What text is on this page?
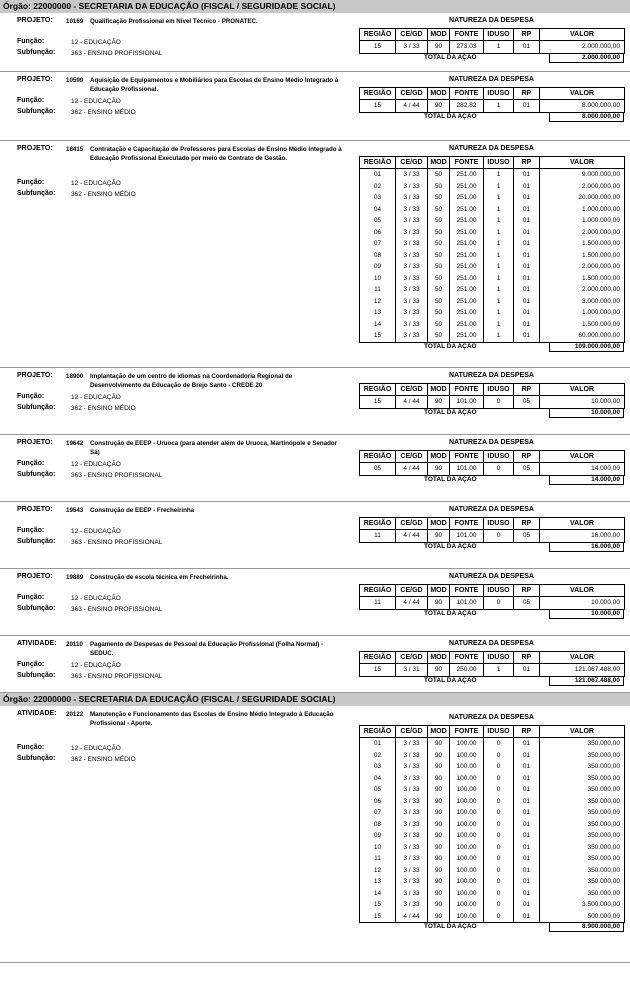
Órgão: 22000000 - SECRETARIA DA EDUCAÇÃO (FISCAL / SEGURIDADE SOCIAL)
PROJETO: 10169 Qualificação Profissional em Nível Técnico - PRONATEC.	NATUREZA DA DESPESA
REGIÃO	CE/GD	MOD	FONTE	IDUSO	RP	VALOR
15	3 / 33	90	273.03	1	01	2.000.000,00
TOTAL DA AÇÃO	2.000.000,00
Função:	12 - EDUCAÇÃO
Subfunção: 363 - ENSINO PROFISSIONAL
PROJETO: 10599 Aquisição de Equipamentos e Mobiliários para Escolas de Ensino Médio Integrado à Educação Profissional.
NATUREZA DA DESPESA
REGIÃO	CE/GD	MOD	FONTE	IDUSO	RP	VALOR
15	4 / 44	90	282.82	1	01	8.000.000,00
TOTAL DA AÇÃO	8.000.000,00
Função:	12 - EDUCAÇÃO
Subfunção: 362 - ENSINO MÉDIO
PROJETO: 18415 Contratação e Capacitação de Professores para Escolas de Ensino Médio Integrado à Educação Profissional Executado por meio de Contrato de Gestão.
NATUREZA DA DESPESA
REGIÃO	CE/GD	MOD	FONTE	IDUSO	RP	VALOR
01	3 / 33	50	251.00	1	01	9.000.000,00
02	3 / 33	50	251.00	1	01	2.000.000,00
03	3 / 33	50	251.00	1	01	20.000.000,00
04	3 / 33	50	251.00	1	01	1.000.000,00
05	3 / 33	50	251.00	1	01	1.000.000,00
06	3 / 33	50	251.00	1	01	2.000.000,00
07	3 / 33	50	251.00	1	01	1.500.000,00
08	3 / 33	50	251.00	1	01	1.500.000,00
09	3 / 33	50	251.00	1	01	2.000.000,00
10	3 / 33	50	251.00	1	01	1.500.000,00
11	3 / 33	50	251.00	1	01	2.000.000,00
12	3 / 33	50	251.00	1	01	3.000.000,00
13	3 / 33	50	251.00	1	01	1.000.000,00
14	3 / 33	50	251.00	1	01	1.500.000,00
15	3 / 33	50	251.00	1	01	60.000.000,00
TOTAL DA AÇÃO	109.000.000,00
Função:	12 - EDUCAÇÃO
Subfunção: 362 - ENSINO MÉDIO
PROJETO: 18900 Implantação de um centro de idiomas na Coordenadoria Regional de Desenvolvimento da Educação de Brejo Santo - CREDE 20
NATUREZA DA DESPESA
REGIÃO	CE/GD	MOD	FONTE	IDUSO	RP	VALOR
15	4 / 44	90	101.00	0	05	10.000,00
TOTAL DA AÇÃO	10.000,00
Função:	12 - EDUCAÇÃO
Subfunção: 362 - ENSINO MÉDIO
PROJETO: 19642 Construção de EEEP - Uruoca (para atender além de Uruoca, Martinópole e Senador Sá)
NATUREZA DA DESPESA
REGIÃO	CE/GD	MOD	FONTE	IDUSO	RP	VALOR
05	4 / 44	90	101.00	0	05	14.000,00
TOTAL DA AÇÃO	14.000,00
Função:	12 - EDUCAÇÃO
Subfunção: 363 - ENSINO PROFISSIONAL
PROJETO: 19543 Construção de EEEP - Frecheirinha	NATUREZA DA DESPESA
REGIÃO	CE/GD	MOD	FONTE	IDUSO	RP	VALOR
11	4 / 44	90	101.00	0	05	16.000,00
TOTAL DA AÇÃO	16.000,00
Função:	12 - EDUCAÇÃO
Subfunção: 363 - ENSINO PROFISSIONAL
PROJETO: 19889 Construção de escola técnica em Frecheirinha.	NATUREZA DA DESPESA
REGIÃO	CE/GD	MOD	FONTE	IDUSO	RP	VALOR
11	4 / 44	90	101.00	0	05	10.000,00
TOTAL DA AÇÃO	10.000,00
Função:	12 - EDUCAÇÃO
Subfunção: 363 - ENSINO PROFISSIONAL
ATIVIDADE: 20110 Pagamento de Despesas de Pessoal da Educação Profissional (Folha Normal) - SEDUC.
NATUREZA DA DESPESA
REGIÃO	CE/GD	MOD	FONTE	IDUSO	RP	VALOR
15	3 / 31	90	250.00	1	01	121.067.488,00
TOTAL DA AÇÃO	121.067.488,00
Função:	12 - EDUCAÇÃO
Subfunção: 363 - ENSINO PROFISSIONAL
Órgão: 22000000 - SECRETARIA DA EDUCAÇÃO (FISCAL / SEGURIDADE SOCIAL)
ATIVIDADE: 20122 Manutenção e Funcionamento das Escolas de Ensino Médio Integrado à Educação Profissional - Aporte.
NATUREZA DA DESPESA
REGIÃO	CE/GD	MOD	FONTE	IDUSO	RP	VALOR
01	3 / 33	90	100.00	0	01	350.000,00
02	3 / 33	90	100.00	0	01	350.000,00
03	3 / 33	90	100.00	0	01	350.000,00
04	3 / 33	90	100.00	0	01	350.000,00
05	3 / 33	90	100.00	0	01	350.000,00
06	3 / 33	90	100.00	0	01	350.000,00
07	3 / 33	90	100.00	0	01	350.000,00
08	3 / 33	90	100.00	0	01	350.000,00
09	3 / 33	90	100.00	0	01	350.000,00
10	3 / 33	90	100.00	0	01	350.000,00
11	3 / 33	90	100.00	0	01	350.000,00
12	3 / 33	90	100.00	0	01	350.000,00
13	3 / 33	90	100.00	0	01	350.000,00
14	3 / 33	90	100.00	0	01	350.000,00
15	3 / 33	90	100.00	0	01	3.500.000,00
15	4 / 44	90	100.00	0	01	500.000,00
TOTAL DA AÇÃO	8.900.000,00
Função:	12 - EDUCAÇÃO
Subfunção: 362 - ENSINO MÉDIO
